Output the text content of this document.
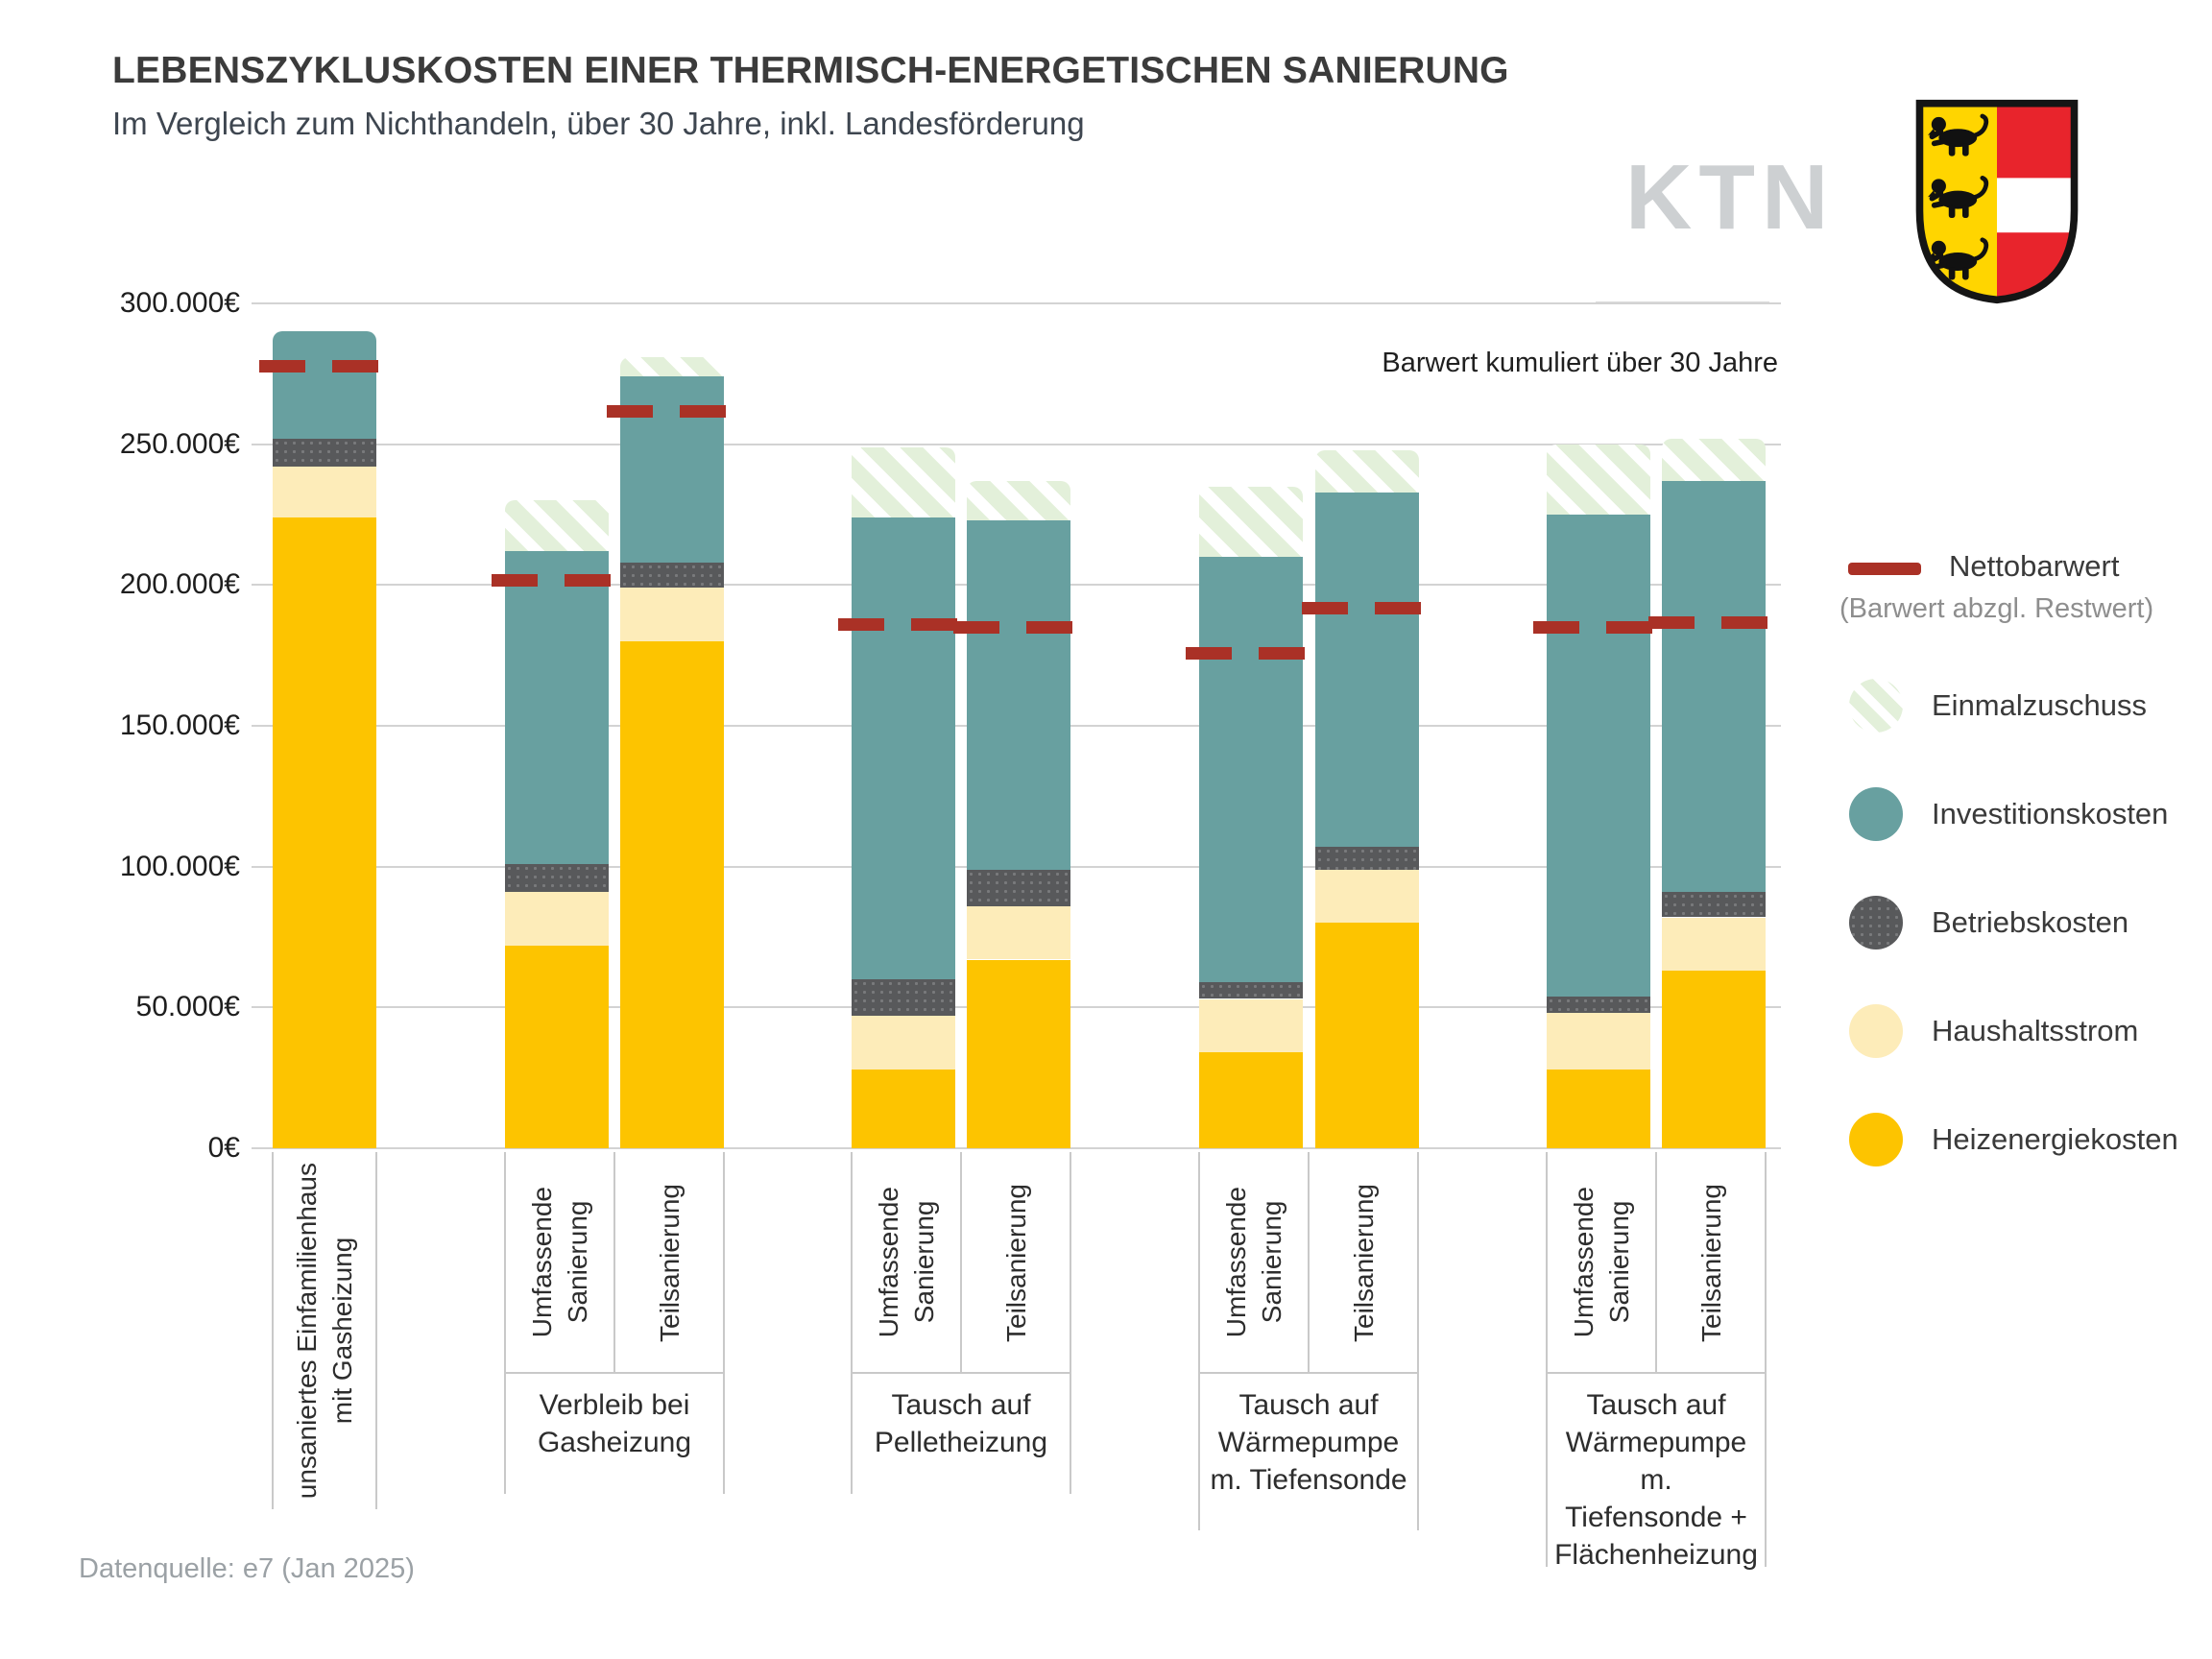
LEBENSZYKLUSKOSTEN EINER THERMISCH-ENERGETISCHEN SANIERUNG
Im Vergleich zum Nichthandeln, über 30 Jahre, inkl. Landesförderung
KTN
Barwert kumuliert über 30 Jahre
0€
50.000€
100.000€
150.000€
200.000€
250.000€
300.000€
unsaniertes Einfamilienhaus mit Gasheizung	Umfassende Sanierung Teilsanierung
Verbleib bei
Gasheizung
Umfassende Sanierung Teilsanierung
Tausch auf
Pelletheizung
Umfassende Sanierung Teilsanierung
Tausch auf
Wärmepumpe
m. Tiefensonde
Umfassende Sanierung Teilsanierung
Tausch auf
Wärmepumpe m.
Tiefensonde +
Flächenheizung
Nettobarwert
(Barwert abzgl. Restwert)
Einmalzuschuss
Investitionskosten
Betriebskosten
Haushaltsstrom
Heizenergiekosten
Datenquelle: e7 (Jan 2025)
